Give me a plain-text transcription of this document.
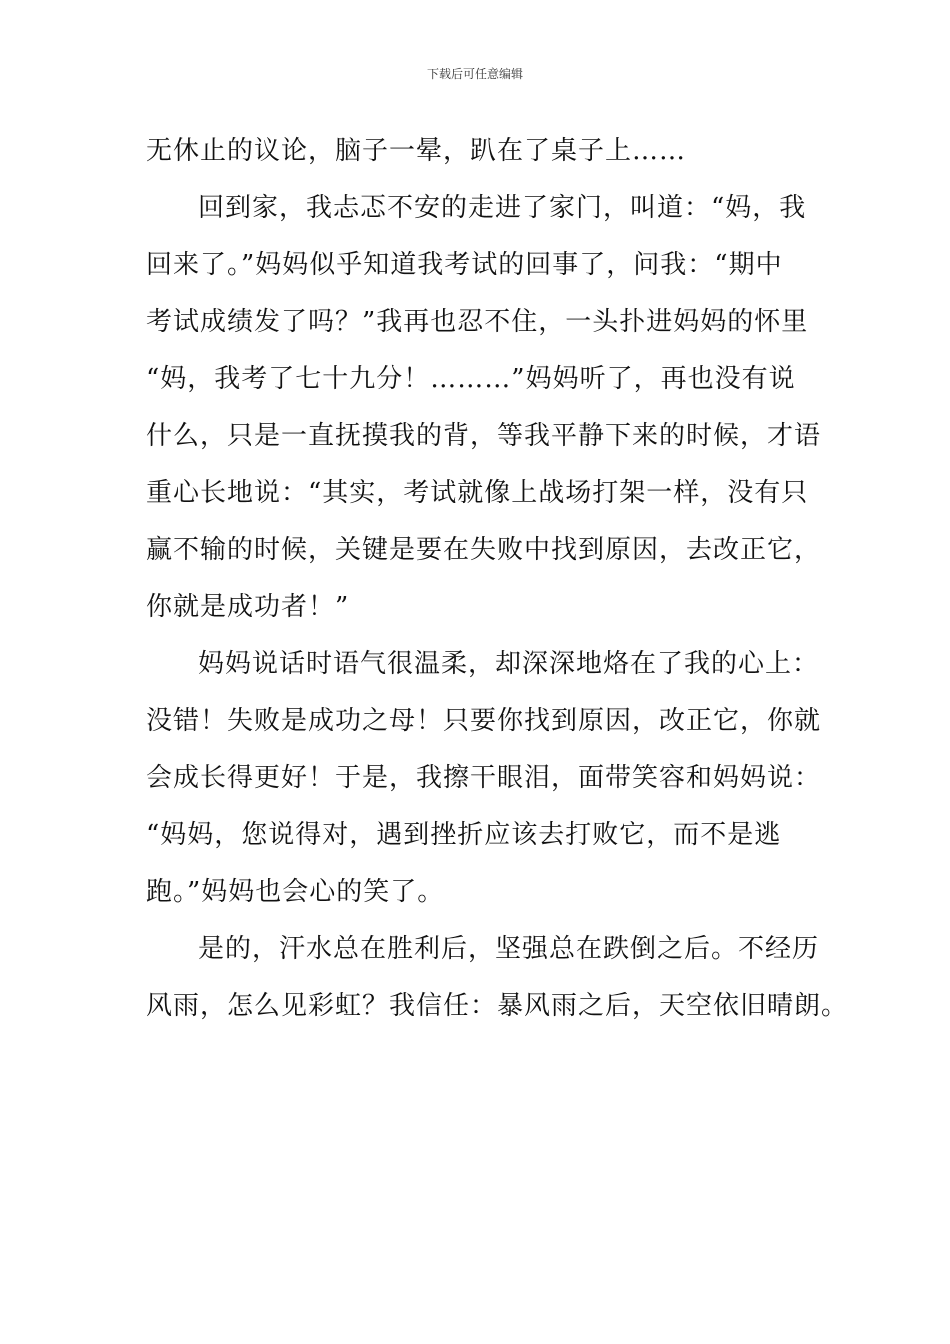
下载后可任意编辑
无休止的议论，脑子一晕，趴在了桌子上……
回到家，我忐忑不安的走进了家门，叫道：“妈，我
回来了。”妈妈似乎知道我考试的回事了，问我：“期中
考试成绩发了吗？”我再也忍不住，一头扑进妈妈的怀里
“妈，我考了七十九分！………”妈妈听了，再也没有说
什么，只是一直抚摸我的背，等我平静下来的时候，才语
重心长地说：“其实，考试就像上战场打架一样，没有只
赢不输的时候，关键是要在失败中找到原因，去改正它，
你就是成功者！”
妈妈说话时语气很温柔，却深深地烙在了我的心上：
没错！失败是成功之母！只要你找到原因，改正它，你就
会成长得更好！于是，我擦干眼泪，面带笑容和妈妈说：
“妈妈，您说得对，遇到挫折应该去打败它，而不是逃
跑。”妈妈也会心的笑了。
是的，汗水总在胜利后，坚强总在跌倒之后。不经历
风雨，怎么见彩虹？我信任：暴风雨之后，天空依旧晴朗。
